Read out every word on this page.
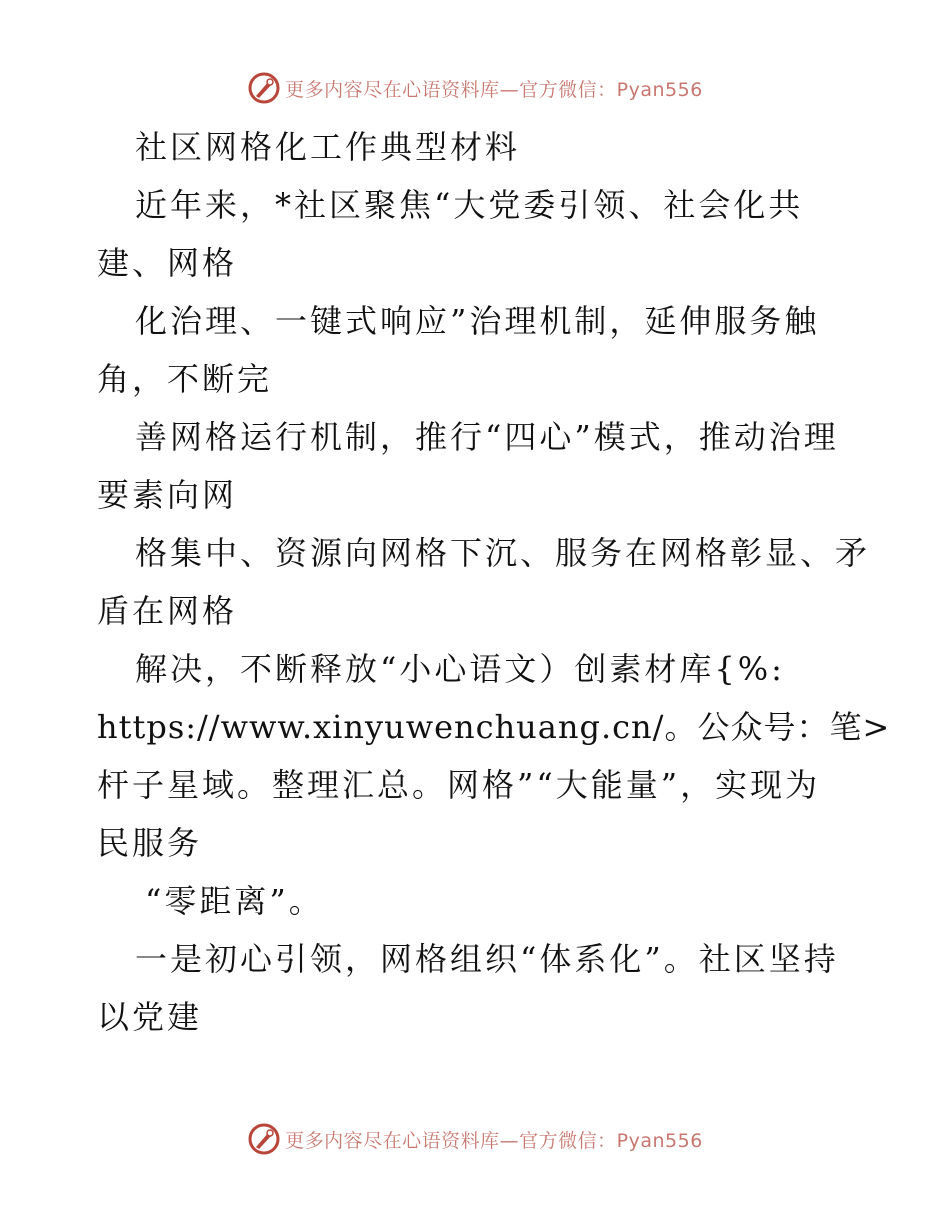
更多内容尽在心语资料库—官方微信：Pyan556
社区网格化工作典型材料
近年来，*社区聚焦“大党委引领、社会化共
建、网格
化治理、一键式响应”治理机制，延伸服务触
角，不断完
善网格运行机制，推行“四心”模式，推动治理
要素向网
格集中、资源向网格下沉、服务在网格彰显、矛
盾在网格
解决，不断释放“小心语文）创素材库{%:
https://www.xinyuwenchuang.cn/。公众号：笔>
杆子星域。整理汇总。网格”“大能量”，实现为
民服务
“零距离”。
一是初心引领，网格组织“体系化”。社区坚持
以党建
更多内容尽在心语资料库—官方微信：Pyan556
